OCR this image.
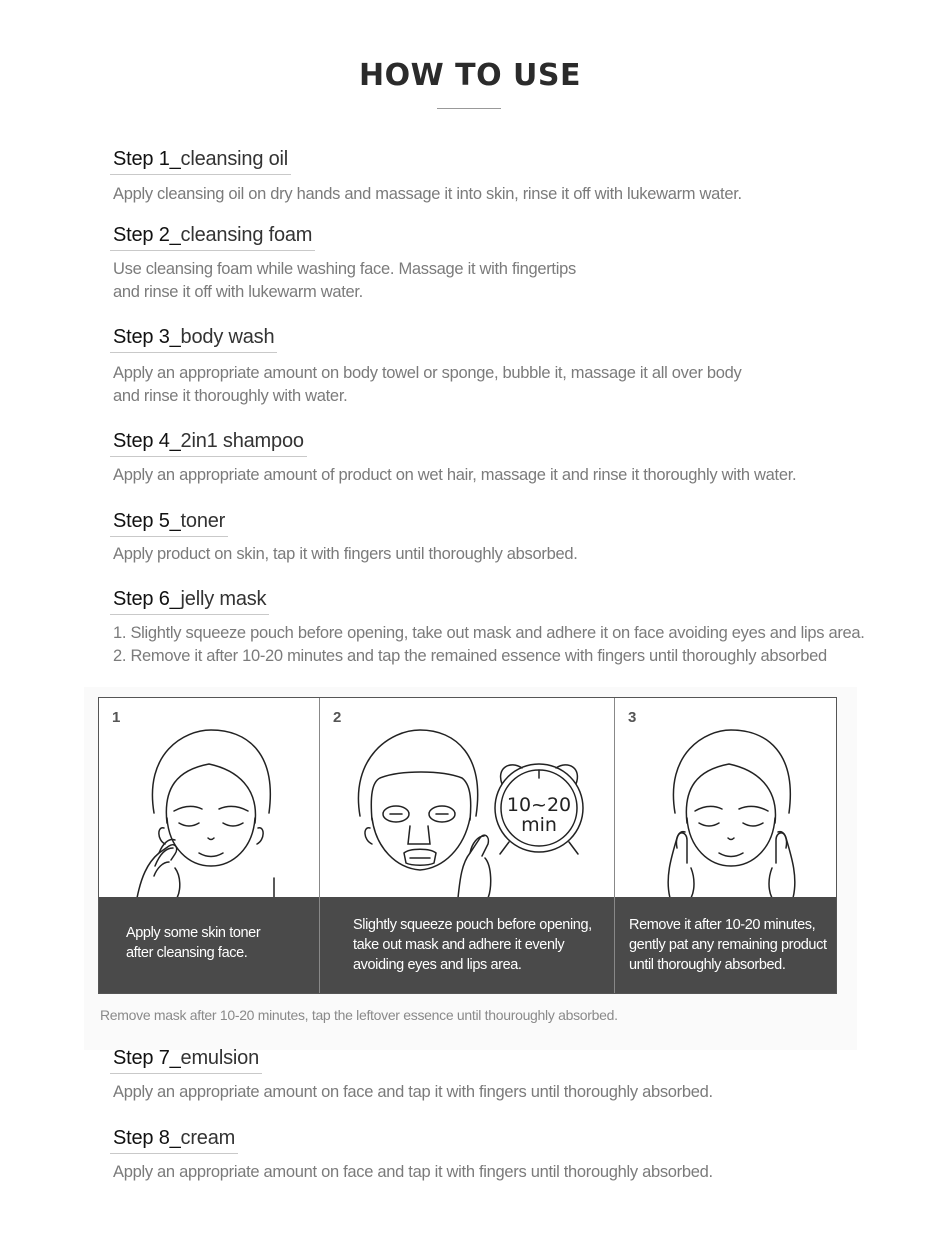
HOW TO USE
Step 1_cleansing oil
Apply cleansing oil on dry hands and massage it into skin, rinse it off with lukewarm water.
Step 2_cleansing foam
Use cleansing foam while washing face. Massage it with fingertips
and rinse it off with lukewarm water.
Step 3_body wash
Apply an appropriate amount on body towel or sponge, bubble it, massage it all over body
and rinse it thoroughly with water.
Step 4_2in1 shampoo
Apply an appropriate amount of product on wet hair, massage it and rinse it thoroughly with water.
Step 5_toner
Apply product on skin, tap it with fingers until thoroughly absorbed.
Step 6_jelly mask
1. Slightly squeeze pouch before opening, take out mask and adhere it on face avoiding eyes and lips area.
2. Remove it after 10-20 minutes and tap the remained essence with fingers until thoroughly absorbed
1
Apply some skin toner
after cleansing face.
10~20
min
2
Slightly squeeze pouch before opening,
take out mask and adhere it evenly
avoiding eyes and lips area.
3
Remove it after 10-20 minutes,
gently pat any remaining product
until thoroughly absorbed.
Remove mask after 10-20 minutes, tap the leftover essence until thouroughly absorbed.
Step 7_emulsion
Apply an appropriate amount on face and tap it with fingers until thoroughly absorbed.
Step 8_cream
Apply an appropriate amount on face and tap it with fingers until thoroughly absorbed.
